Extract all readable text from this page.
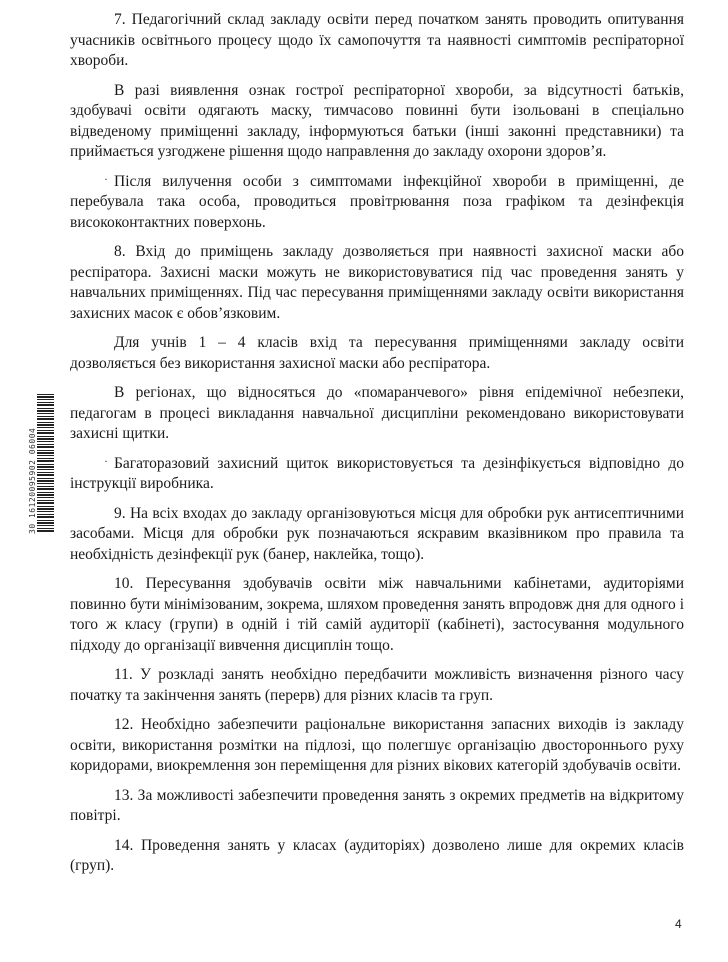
30 16120095902 06004

7. Педагогічний склад закладу освіти перед початком занять проводить опитування учасників освітнього процесу щодо їх самопочуття та наявності симптомів респіраторної хвороби.

В разі виявлення ознак гострої респіраторної хвороби, за відсутності батьків, здобувачі освіти одягають маску, тимчасово повинні бути ізольовані в спеціально відведеному приміщенні закладу, інформуються батьки (інші законні представники) та приймається узгоджене рішення щодо направлення до закладу охорони здоров’я.

· Після вилучення особи з симптомами інфекційної хвороби в приміщенні, де перебувала така особа, проводиться провітрювання поза графіком та дезінфекція висококонтактних поверхонь.

8. Вхід до приміщень закладу дозволяється при наявності захисної маски або респіратора. Захисні маски можуть не використовуватися під час проведення занять у навчальних приміщеннях. Під час пересування приміщеннями закладу освіти використання захисних масок є обов’язковим.

Для учнів 1 – 4 класів вхід та пересування приміщеннями закладу освіти дозволяється без використання захисної маски або респіратора.

В регіонах, що відносяться до «помаранчевого» рівня епідемічної небезпеки, педагогам в процесі викладання навчальної дисципліни рекомендовано використовувати захисні щитки.

· Багаторазовий захисний щиток використовується та дезінфікується відповідно до інструкції виробника.

9. На всіх входах до закладу організовуються місця для обробки рук антисептичними засобами. Місця для обробки рук позначаються яскравим вказівником про правила та необхідність дезінфекції рук (банер, наклейка, тощо).

10. Пересування здобувачів освіти між навчальними кабінетами, аудиторіями повинно бути мінімізованим, зокрема, шляхом проведення занять впродовж дня для одного і того ж класу (групи) в одній і тій самій аудиторії (кабінеті), застосування модульного підходу до організації вивчення дисциплін тощо.

11. У розкладі занять необхідно передбачити можливість визначення різного часу початку та закінчення занять (перерв) для різних класів та груп.

12. Необхідно забезпечити раціональне використання запасних виходів із закладу освіти, використання розмітки на підлозі, що полегшує організацію двостороннього руху коридорами, виокремлення зон переміщення для різних вікових категорій здобувачів освіти.

13. За можливості забезпечити проведення занять з окремих предметів на відкритому повітрі.

14. Проведення занять у класах (аудиторіях) дозволено лише для окремих класів (груп).

4
